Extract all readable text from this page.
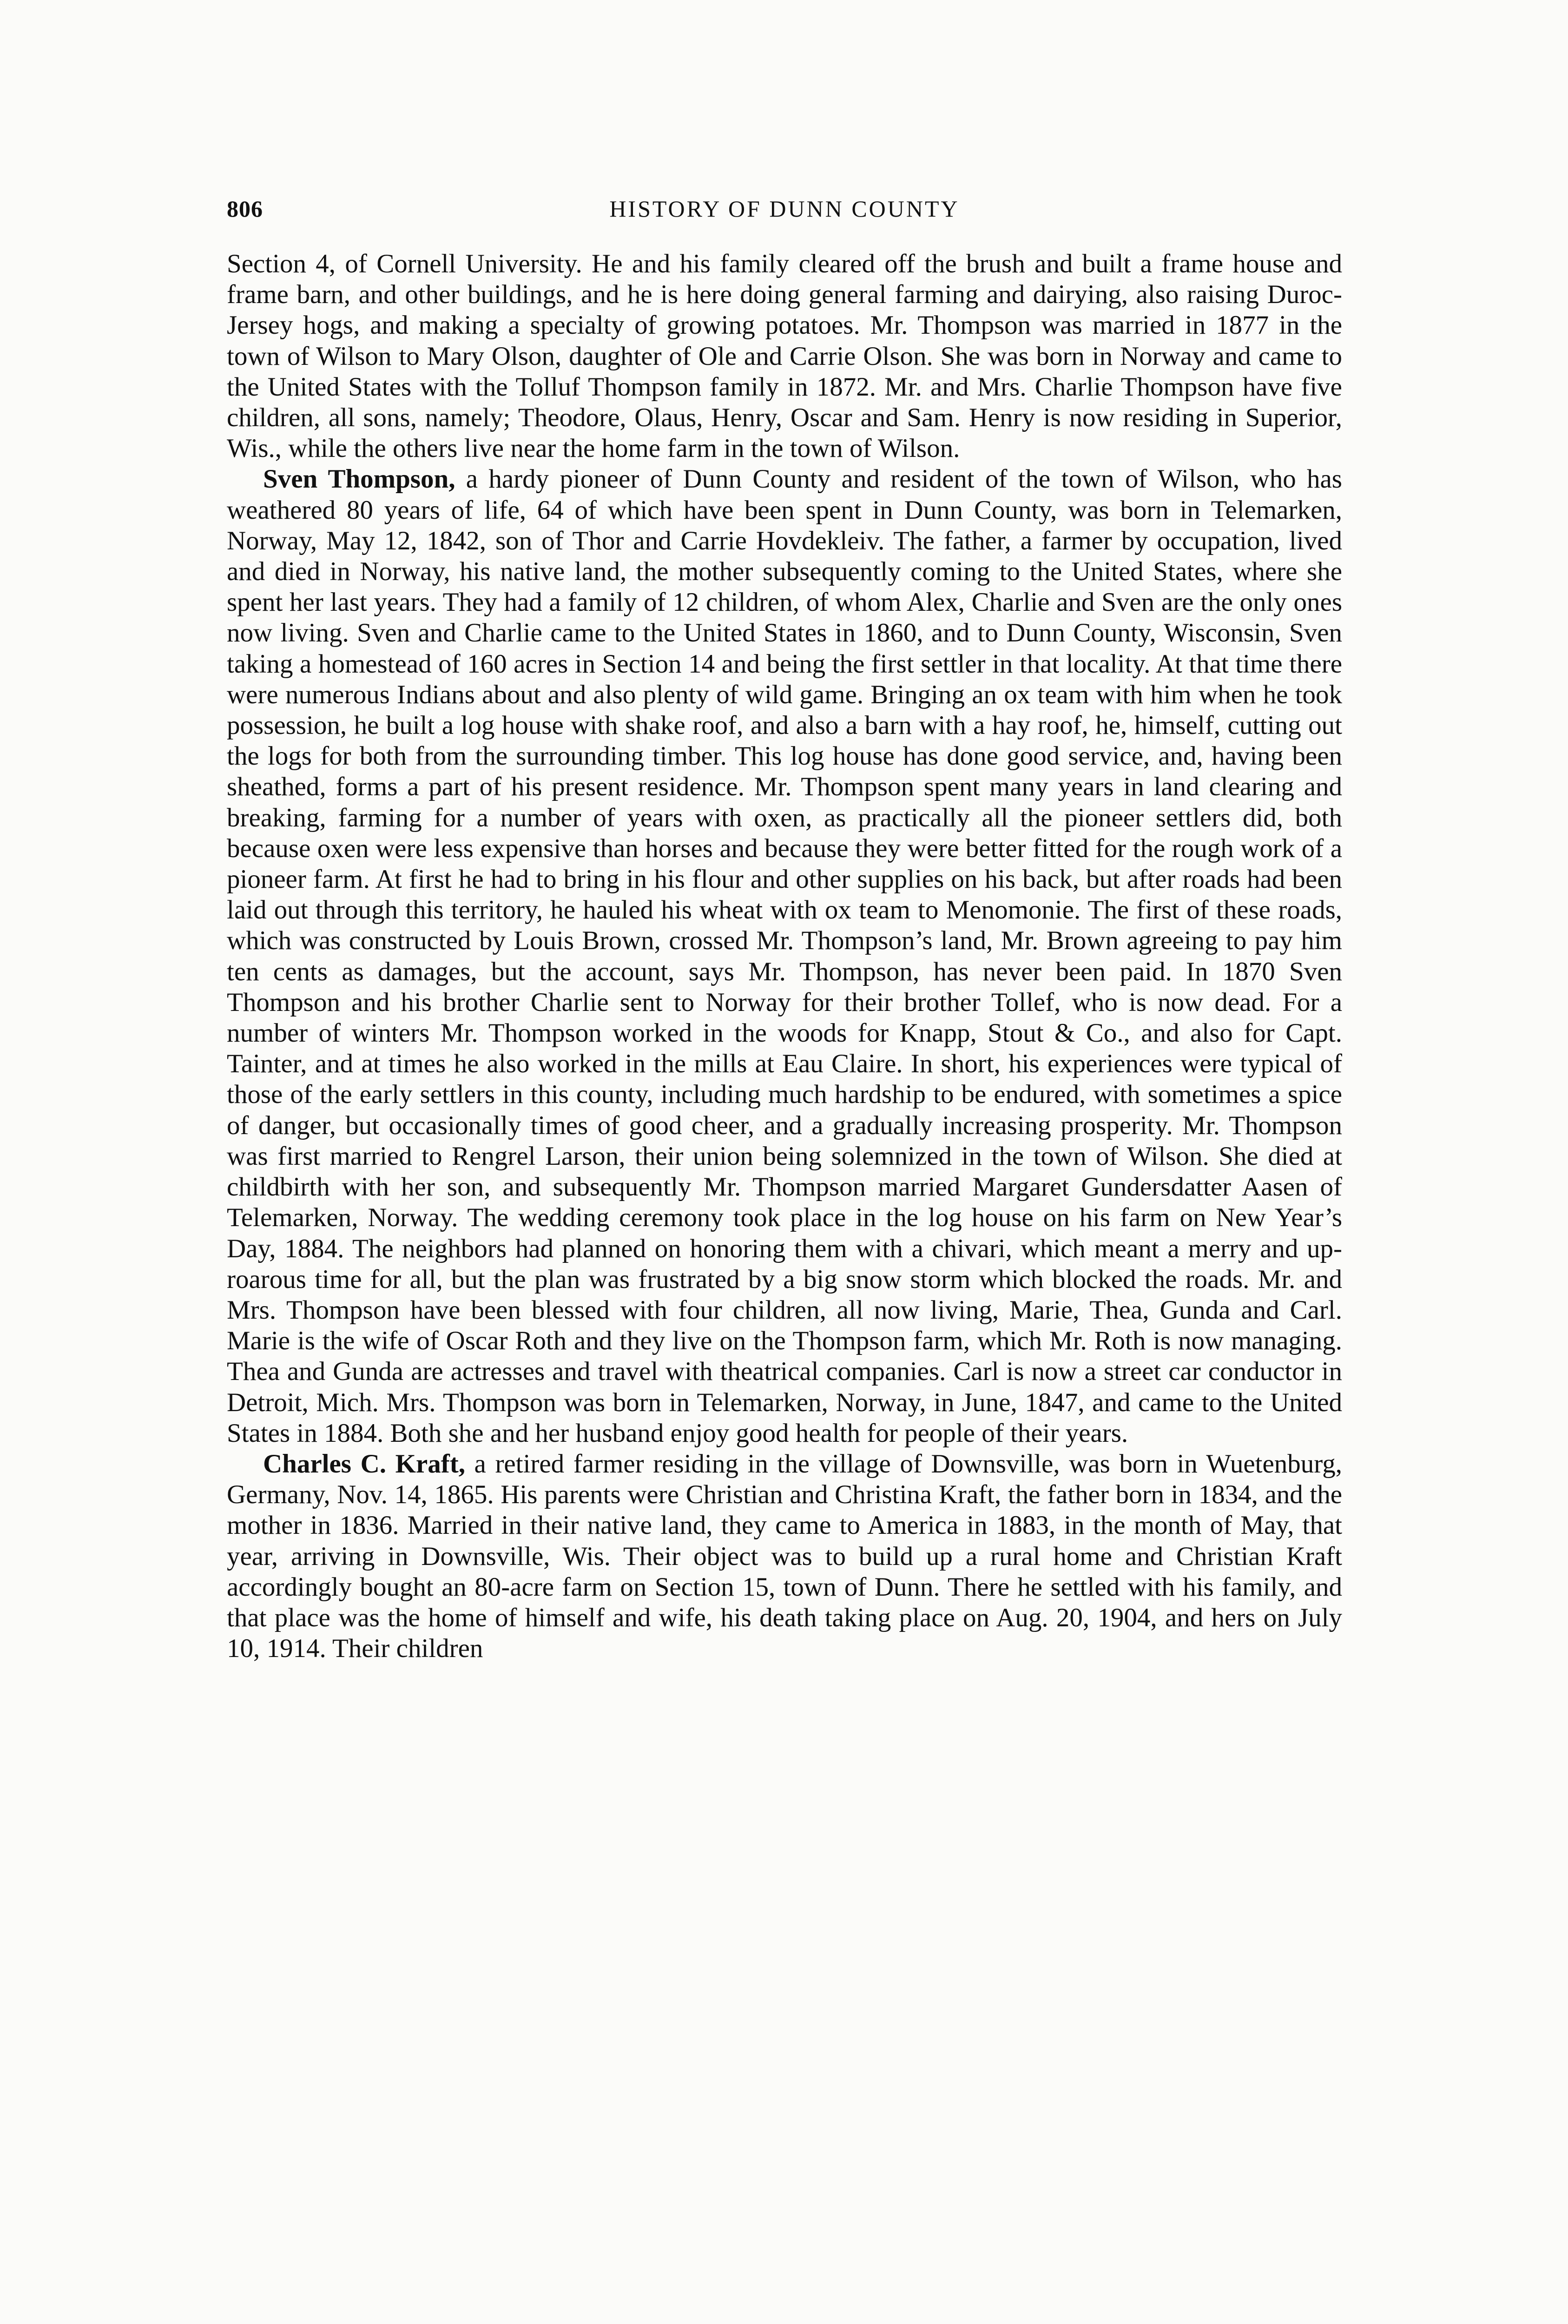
806	HISTORY OF DUNN COUNTY

Section 4, of Cornell University. He and his family cleared off the brush and built a frame house and frame barn, and other buildings, and he is here doing general farming and dairying, also raising Duroc-Jersey hogs, and making a specialty of growing potatoes. Mr. Thompson was married in 1877 in the town of Wilson to Mary Olson, daughter of Ole and Carrie Olson. She was born in Norway and came to the United States with the Tolluf Thompson family in 1872. Mr. and Mrs. Charlie Thompson have five children, all sons, namely; Theodore, Olaus, Henry, Oscar and Sam. Henry is now residing in Superior, Wis., while the others live near the home farm in the town of Wilson.

Sven Thompson, a hardy pioneer of Dunn County and resident of the town of Wilson, who has weathered 80 years of life, 64 of which have been spent in Dunn County, was born in Telemarken, Norway, May 12, 1842, son of Thor and Carrie Hovdekleiv. The father, a farmer by occupation, lived and died in Norway, his native land, the mother subsequently coming to the United States, where she spent her last years. They had a family of 12 children, of whom Alex, Charlie and Sven are the only ones now living. Sven and Charlie came to the United States in 1860, and to Dunn County, Wisconsin, Sven taking a homestead of 160 acres in Section 14 and being the first settler in that locality. At that time there were numerous Indians about and also plenty of wild game. Bringing an ox team with him when he took possession, he built a log house with shake roof, and also a barn with a hay roof, he, himself, cutting out the logs for both from the surrounding timber. This log house has done good service, and, having been sheathed, forms a part of his present residence. Mr. Thompson spent many years in land clearing and breaking, farming for a number of years with oxen, as practically all the pioneer settlers did, both because oxen were less expensive than horses and because they were better fitted for the rough work of a pioneer farm. At first he had to bring in his flour and other supplies on his back, but after roads had been laid out through this territory, he hauled his wheat with ox team to Menomonie. The first of these roads, which was constructed by Louis Brown, crossed Mr. Thompson’s land, Mr. Brown agreeing to pay him ten cents as damages, but the account, says Mr. Thompson, has never been paid. In 1870 Sven Thompson and his brother Charlie sent to Norway for their brother Tollef, who is now dead. For a number of winters Mr. Thompson worked in the woods for Knapp, Stout & Co., and also for Capt. Tainter, and at times he also worked in the mills at Eau Claire. In short, his experiences were typical of those of the early settlers in this county, including much hardship to be endured, with sometimes a spice of danger, but occasionally times of good cheer, and a gradually increasing prosperity. Mr. Thompson was first married to Rengrel Larson, their union being solemnized in the town of Wilson. She died at childbirth with her son, and subsequently Mr. Thompson married Margaret Gundersdatter Aasen of Telemarken, Norway. The wedding ceremony took place in the log house on his farm on New Year’s Day, 1884. The neighbors had planned on honoring them with a chivari, which meant a merry and up-roarous time for all, but the plan was frustrated by a big snow storm which blocked the roads. Mr. and Mrs. Thompson have been blessed with four children, all now living, Marie, Thea, Gunda and Carl. Marie is the wife of Oscar Roth and they live on the Thompson farm, which Mr. Roth is now managing. Thea and Gunda are actresses and travel with theatrical companies. Carl is now a street car conductor in Detroit, Mich. Mrs. Thompson was born in Telemarken, Norway, in June, 1847, and came to the United States in 1884. Both she and her husband enjoy good health for people of their years.

Charles C. Kraft, a retired farmer residing in the village of Downsville, was born in Wuetenburg, Germany, Nov. 14, 1865. His parents were Christian and Christina Kraft, the father born in 1834, and the mother in 1836. Married in their native land, they came to America in 1883, in the month of May, that year, arriving in Downsville, Wis. Their object was to build up a rural home and Christian Kraft accordingly bought an 80-acre farm on Section 15, town of Dunn. There he settled with his family, and that place was the home of himself and wife, his death taking place on Aug. 20, 1904, and hers on July 10, 1914. Their children
